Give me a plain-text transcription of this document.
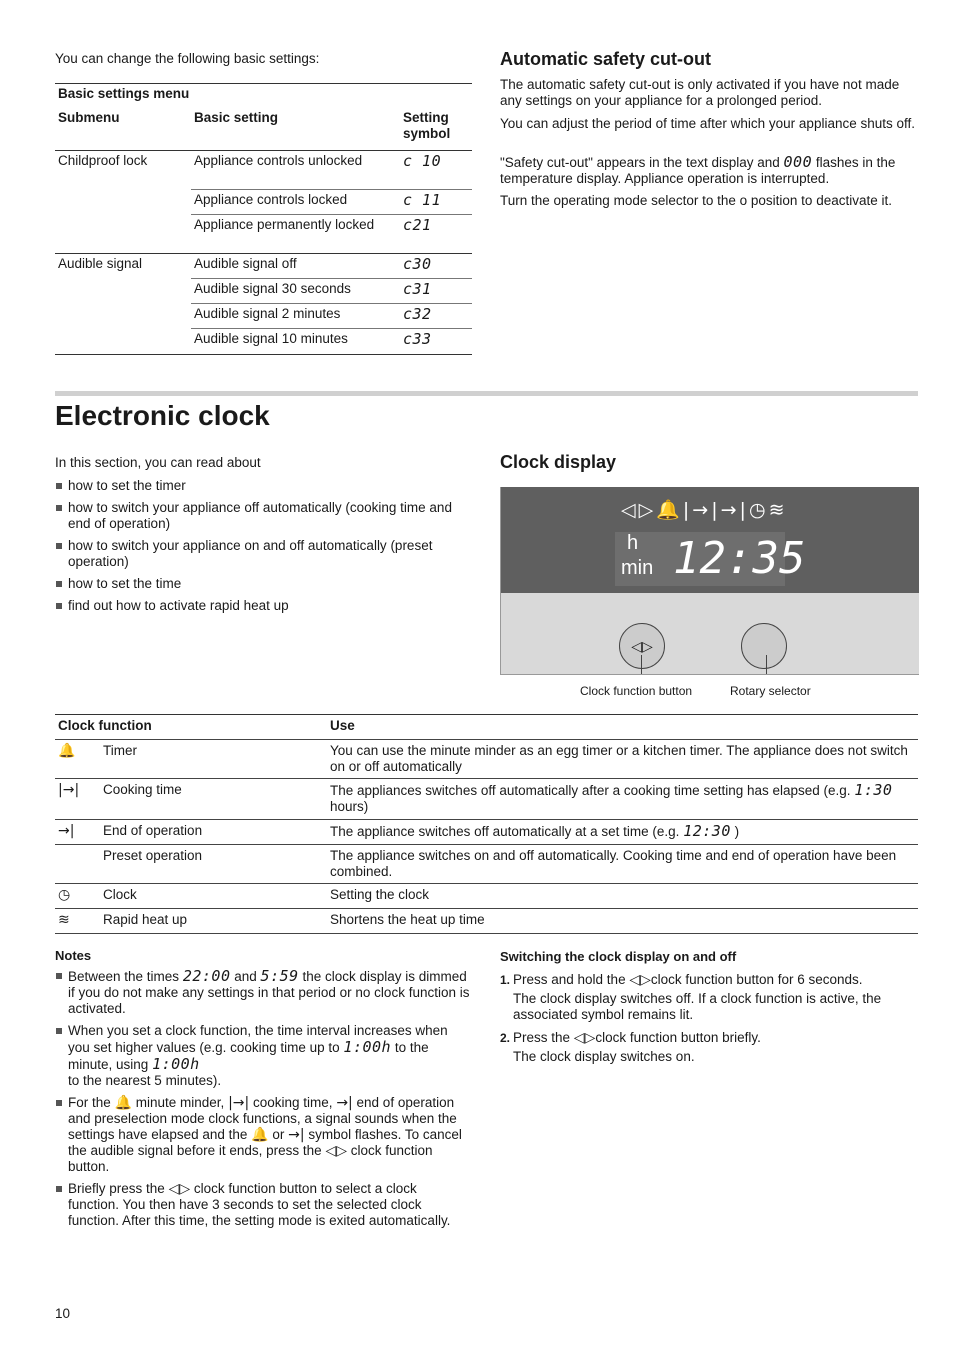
You can change the following basic settings:

Basic settings menu

Submenu	Basic setting	Setting
symbol
Childproof lock	Appliance controls unlocked	c 10
	Appliance controls locked	c 11
	Appliance permanently locked	c21
Audible signal	Audible signal off	c30
	Audible signal 30 seconds	c31
	Audible signal 2 minutes	c32
	Audible signal 10 minutes	c33

Automatic safety cut-out

The automatic safety cut-out is only activated if you have not made any settings on your appliance for a prolonged period.

You can adjust the period of time after which your appliance shuts off.

"Safety cut-out" appears in the text display and 000 flashes in the temperature display. Appliance operation is interrupted.

Turn the operating mode selector to the o position to deactivate it.

Electronic clock

In this section, you can read about

how to set the timer
how to switch your appliance off automatically (cooking time and end of operation)
how to switch your appliance on and off automatically (preset operation)
how to set the time
find out how to activate rapid heat up

Clock display

◁▷🔔|→|→|◷≋
h
min 12:35
◁▷

Clock function button	Rotary selector

Clock function		Use
🔔	Timer	You can use the minute minder as an egg timer or a kitchen timer. The appliance does not switch on or off automatically
|→|	Cooking time	The appliances switches off automatically after a cooking time setting has elapsed (e.g. 1:30 hours)
→|	End of operation	The appliance switches off automatically at a set time (e.g. 12:30 )
	Preset operation	The appliance switches on and off automatically. Cooking time and end of operation have been combined.
◷	Clock	Setting the clock
≋	Rapid heat up	Shortens the heat up time

Notes

Between the times 22:00 and 5:59 the clock display is dimmed if you do not make any settings in that period or no clock function is activated.
When you set a clock function, the time interval increases when you set higher values (e.g. cooking time up to 1:00h to the minute, using 1:00h
to the nearest 5 minutes).
For the 🔔 minute minder, |→| cooking time, →| end of operation and preselection mode clock functions, a signal sounds when the settings have elapsed and the 🔔 or →| symbol flashes. To cancel the audible signal before it ends, press the ◁▷ clock function button.
Briefly press the ◁▷ clock function button to select a clock function. You then have 3 seconds to set the selected clock function. After this time, the setting mode is exited automatically.

Switching the clock display on and off

1. Press and hold the ◁▷clock function button for 6 seconds.
The clock display switches off. If a clock function is active, the associated symbol remains lit.
2. Press the ◁▷clock function button briefly.
The clock display switches on.

10
